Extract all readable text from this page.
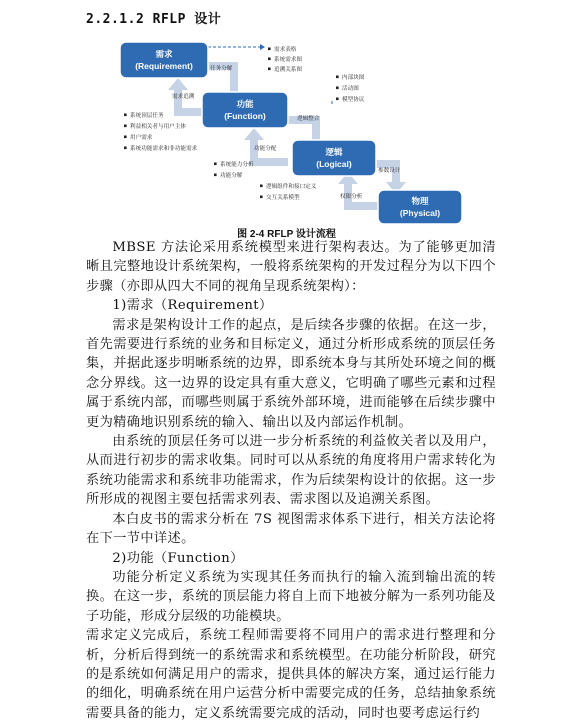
2.2.1.2 RFLP 设计
需求
(Requirement)
功能
(Function)
逻辑
(Logical)
物理
(Physical)
任务分解
需求追溯
逻辑整合
功能分配
参数设计
权限分析
需求表格
系统需求图
追溯关系图
系统顶层任务
利益相关者与用户主体
用户需求
系统功能需求和非功能需求
系统能力分析
功能分解
内部块图
活动图
模型协议
逻辑组件和接口定义
交互关系模型
图 2-4 RFLP 设计流程

MBSE 方法论采用系统模型来进行架构表达。为了能够更加清晰且完整地设计系统架构，一般将系统架构的开发过程分为以下四个步骤（亦即从四大不同的视角呈现系统架构）：

1)需求（Requirement）

需求是架构设计工作的起点，是后续各步骤的依据。在这一步，首先需要进行系统的业务和目标定义，通过分析形成系统的顶层任务集，并据此逐步明晰系统的边界，即系统本身与其所处环境之间的概念分界线。这一边界的设定具有重大意义，它明确了哪些元素和过程属于系统内部，而哪些则属于系统外部环境，进而能够在后续步骤中更为精确地识别系统的输入、输出以及内部运作机制。

由系统的顶层任务可以进一步分析系统的利益攸关者以及用户，从而进行初步的需求收集。同时可以从系统的角度将用户需求转化为系统功能需求和系统非功能需求，作为后续架构设计的依据。这一步所形成的视图主要包括需求列表、需求图以及追溯关系图。

本白皮书的需求分析在 7S 视图需求体系下进行，相关方法论将在下一节中详述。

2)功能（Function）

功能分析定义系统为实现其任务而执行的输入流到输出流的转换。在这一步，系统的顶层能力将自上而下地被分解为一系列功能及子功能，形成分层级的功能模块。

需求定义完成后，系统工程师需要将不同用户的需求进行整理和分析，分析后得到统一的系统需求和系统模型。在功能分析阶段，研究的是系统如何满足用户的需求，提供具体的解决方案，通过运行能力的细化，明确系统在用户运营分析中需要完成的任务，总结抽象系统需要具备的能力，定义系统需要完成的活动，同时也要考虑运行约
